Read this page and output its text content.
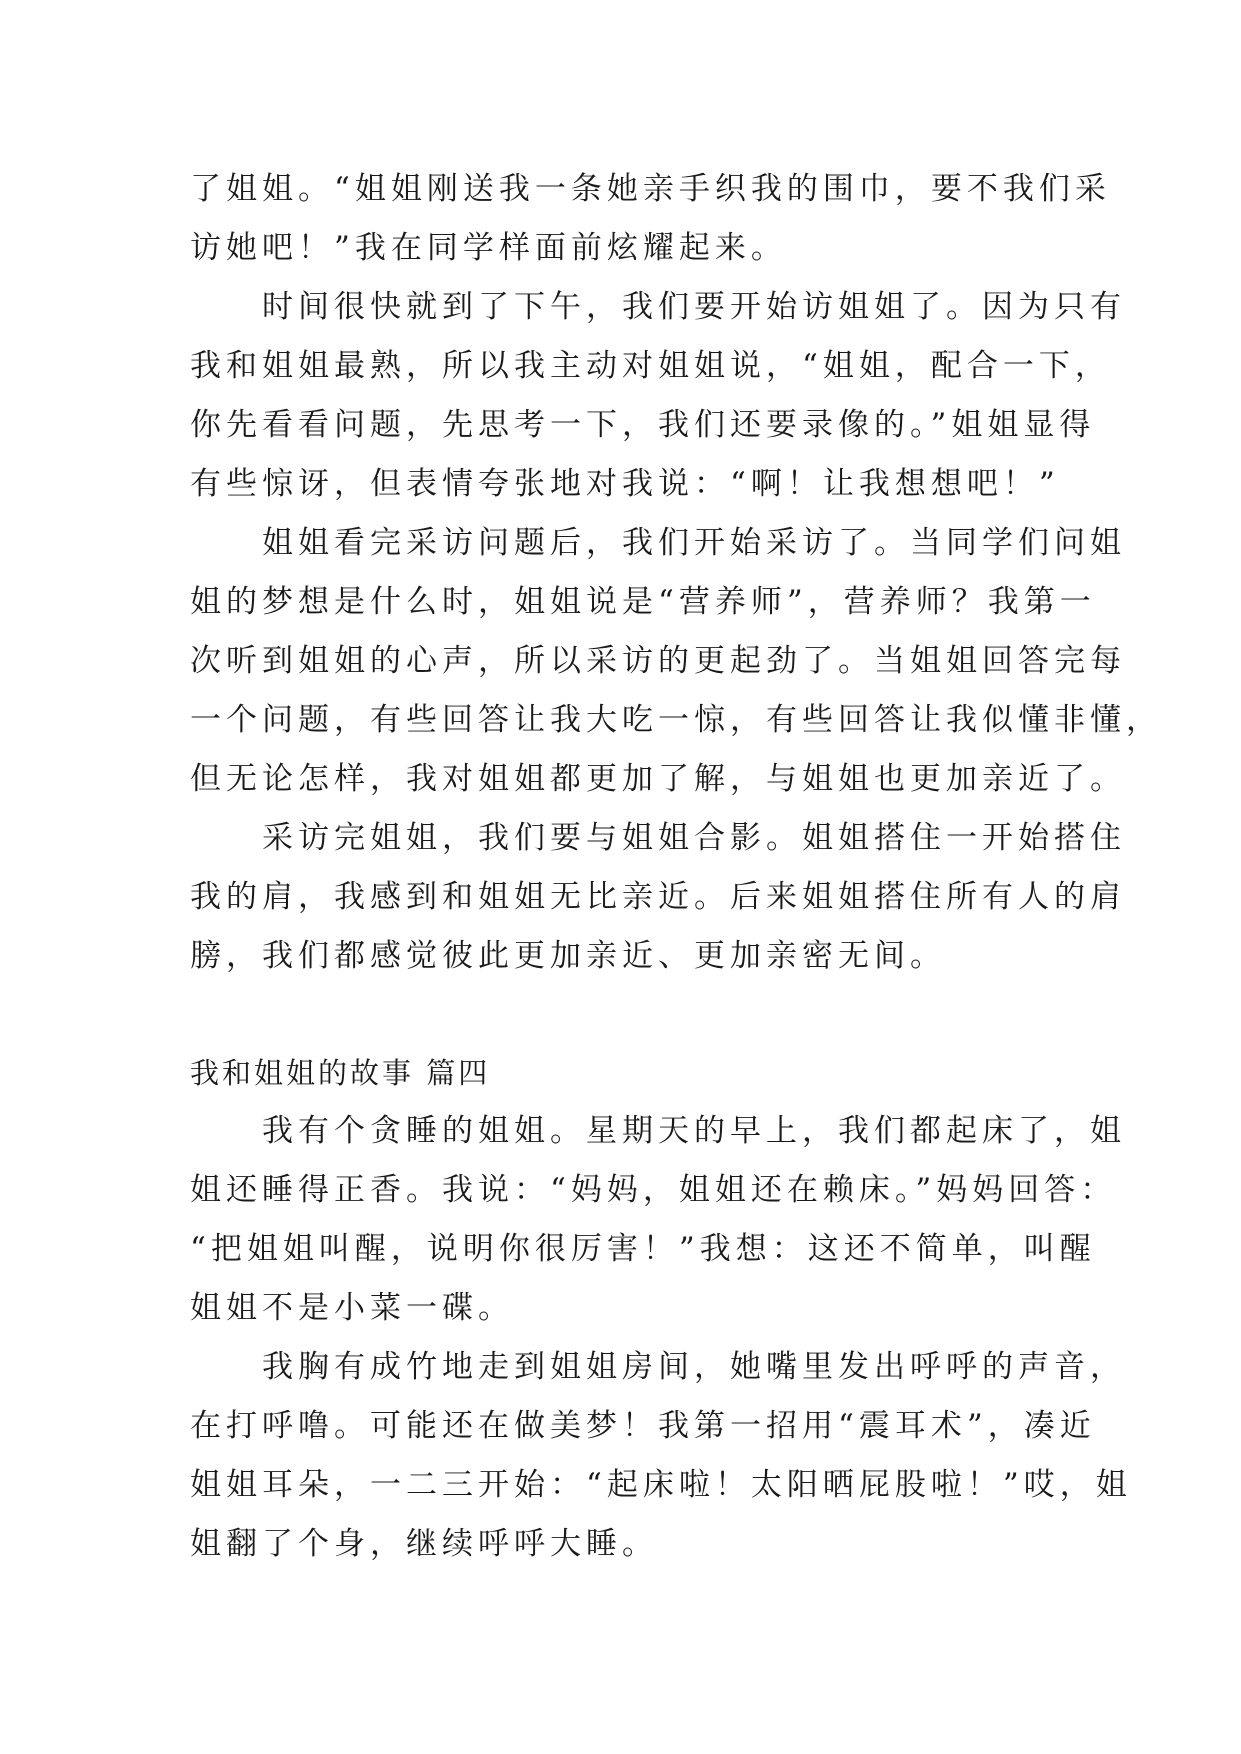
了姐姐。“姐姐刚送我一条她亲手织我的围巾，要不我们采
访她吧！”我在同学样面前炫耀起来。
　　时间很快就到了下午，我们要开始访姐姐了。因为只有
我和姐姐最熟，所以我主动对姐姐说，“姐姐，配合一下，
你先看看问题，先思考一下，我们还要录像的。”姐姐显得
有些惊讶，但表情夸张地对我说：“啊！让我想想吧！”
　　姐姐看完采访问题后，我们开始采访了。当同学们问姐
姐的梦想是什么时，姐姐说是“营养师”，营养师？我第一
次听到姐姐的心声，所以采访的更起劲了。当姐姐回答完每
一个问题，有些回答让我大吃一惊，有些回答让我似懂非懂，
但无论怎样，我对姐姐都更加了解，与姐姐也更加亲近了。
　　采访完姐姐，我们要与姐姐合影。姐姐搭住一开始搭住
我的肩，我感到和姐姐无比亲近。后来姐姐搭住所有人的肩
膀，我们都感觉彼此更加亲近、更加亲密无间。
我和姐姐的故事 篇四
　　我有个贪睡的姐姐。星期天的早上，我们都起床了，姐
姐还睡得正香。我说：“妈妈，姐姐还在赖床。”妈妈回答：
“把姐姐叫醒，说明你很厉害！”我想：这还不简单，叫醒
姐姐不是小菜一碟。
　　我胸有成竹地走到姐姐房间，她嘴里发出呼呼的声音，
在打呼噜。可能还在做美梦！我第一招用“震耳术”，凑近
姐姐耳朵，一二三开始：“起床啦！太阳晒屁股啦！”哎，姐
姐翻了个身，继续呼呼大睡。
